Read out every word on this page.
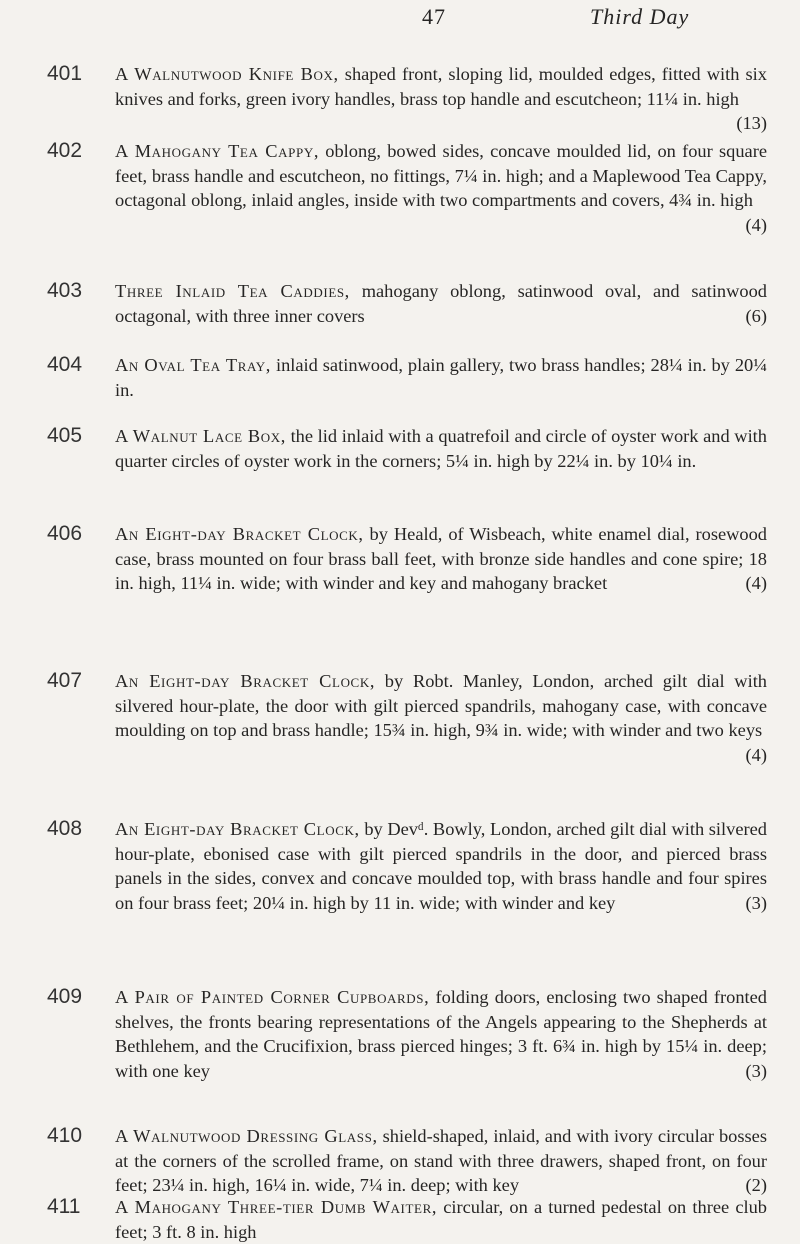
47	Third Day
401 A Walnutwood Knife Box, shaped front, sloping lid, moulded edges, fitted with six knives and forks, green ivory handles, brass top handle and escutcheon; 11¼ in. high
(13)
402 A Mahogany Tea Cappy, oblong, bowed sides, concave moulded lid, on four square feet, brass handle and escutcheon, no fittings, 7¼ in. high; and a Maplewood Tea Cappy, octagonal oblong, inlaid angles, inside with two compartments and covers, 4¾ in. high
(4)
403 Three Inlaid Tea Caddies, mahogany oblong, satinwood oval, and satinwood octagonal, with three inner covers	(6)
404 An Oval Tea Tray, inlaid satinwood, plain gallery, two brass handles; 28¼ in. by 20¼ in.
405 A Walnut Lace Box, the lid inlaid with a quatrefoil and circle of oyster work and with quarter circles of oyster work in the corners; 5¼ in. high by 22¼ in. by 10¼ in.
406 An Eight-day Bracket Clock, by Heald, of Wisbeach, white enamel dial, rosewood case, brass mounted on four brass ball feet, with bronze side handles and cone spire; 18 in. high, 11¼ in. wide; with winder and key and mahogany bracket	(4)
407 An Eight-day Bracket Clock, by Robt. Manley, London, arched gilt dial with silvered hour-plate, the door with gilt pierced spandrils, mahogany case, with concave moulding on top and brass handle; 15¾ in. high, 9¾ in. wide; with winder and two keys
(4)
408 An Eight-day Bracket Clock, by Devᵈ. Bowly, London, arched gilt dial with silvered hour-plate, ebonised case with gilt pierced spandrils in the door, and pierced brass panels in the sides, convex and concave moulded top, with brass handle and four spires on four brass feet; 20¼ in. high by 11 in. wide; with winder and key	(3)
409 A Pair of Painted Corner Cupboards, folding doors, enclosing two shaped fronted shelves, the fronts bearing representations of the Angels appearing to the Shepherds at Bethlehem, and the Crucifixion, brass pierced hinges; 3 ft. 6¾ in. high by 15¼ in. deep; with one key	(3)
410 A Walnutwood Dressing Glass, shield-shaped, inlaid, and with ivory circular bosses at the corners of the scrolled frame, on stand with three drawers, shaped front, on four feet; 23¼ in. high, 16¼ in. wide, 7¼ in. deep; with key	(2)
411 A Mahogany Three-tier Dumb Waiter, circular, on a turned pedestal on three club feet; 3 ft. 8 in. high
